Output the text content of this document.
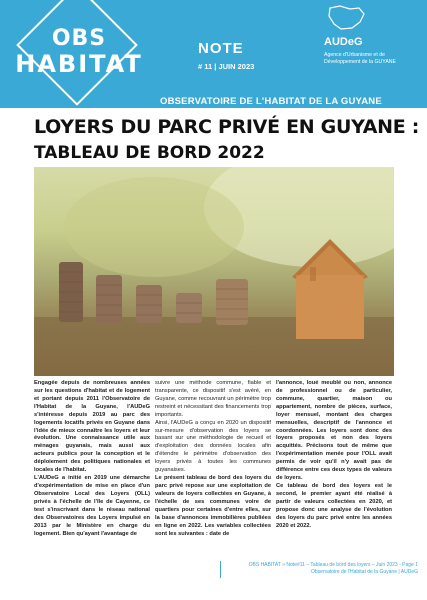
OBS
HABITAT
NOTE
# 11 | JUIN 2023
AUDeG
Agence d'Urbanisme et de Développement de la GUYANE
OBSERVATOIRE DE L'HABITAT DE LA GUYANE
LOYERS DU PARC PRIVÉ EN GUYANE :
TABLEAU DE BORD 2022

Engagée depuis de nombreuses années sur les questions d'habitat et de logement et portant depuis 2011 l'Observatoire de l'Habitat de la Guyane, l'AUDeG s'intéresse depuis 2019 au parc des logements locatifs privés en Guyane dans l'idée de mieux connaître les loyers et leur évolution. Une connaissance utile aux ménages guyanais, mais aussi aux acteurs publics pour la conception et le déploiement des politiques nationales et locales de l'habitat.

L'AUDeG a initié en 2019 une démarche d'expérimentation de mise en place d'un Observatoire Local des Loyers (OLL) privés à l'échelle de l'île de Cayenne, ce test s'inscrivant dans le réseau national des Observatoires des Loyers impulsé en 2013 par le Ministère en charge du logement. Bien qu'ayant l'avantage de

suivre une méthode commune, fiable et transparente, ce dispositif s'est avéré, en Guyane, comme recouvrant un périmètre trop restreint et nécessitant des financements trop importants.

Ainsi, l'AUDeG a conçu en 2020 un dispositif sur-mesure d'observation des loyers se basant sur une méthodologie de recueil et d'exploitation des données locales afin d'étendre le périmètre d'observation des loyers privés à toutes les communes guyanaises.

Le présent tableau de bord des loyers du parc privé repose sur une exploitation de valeurs de loyers collectées en Guyane, à l'échelle de ses communes voire de quartiers pour certaines d'entre elles, sur la base d'annonces immobilières publiées en ligne en 2022. Les variables collectées sont les suivantes : date de

l'annonce, loué meublé ou non, annonce de professionnel ou de particulier, commune, quartier, maison ou appartement, nombre de pièces, surface, loyer mensuel, montant des charges mensuelles, descriptif de l'annonce et coordonnées. Les loyers sont donc des loyers proposés et non des loyers acquittés. Précisons tout de même que l'expérimentation menée pour l'OLL avait permis de voir qu'il n'y avait pas de différence entre ces deux types de valeurs de loyers.

Ce tableau de bord des loyers est le second, le premier ayant été réalisé à partir de valeurs collectées en 2020, et propose donc une analyse de l'évolution des loyers du parc privé entre les années 2020 et 2022.

OBS HABITAT » Note#11 – Tableau de bord des loyers – Juin 2023 - Page 1
Observatoire de l'Habitat de la Guyane | AUDeG
